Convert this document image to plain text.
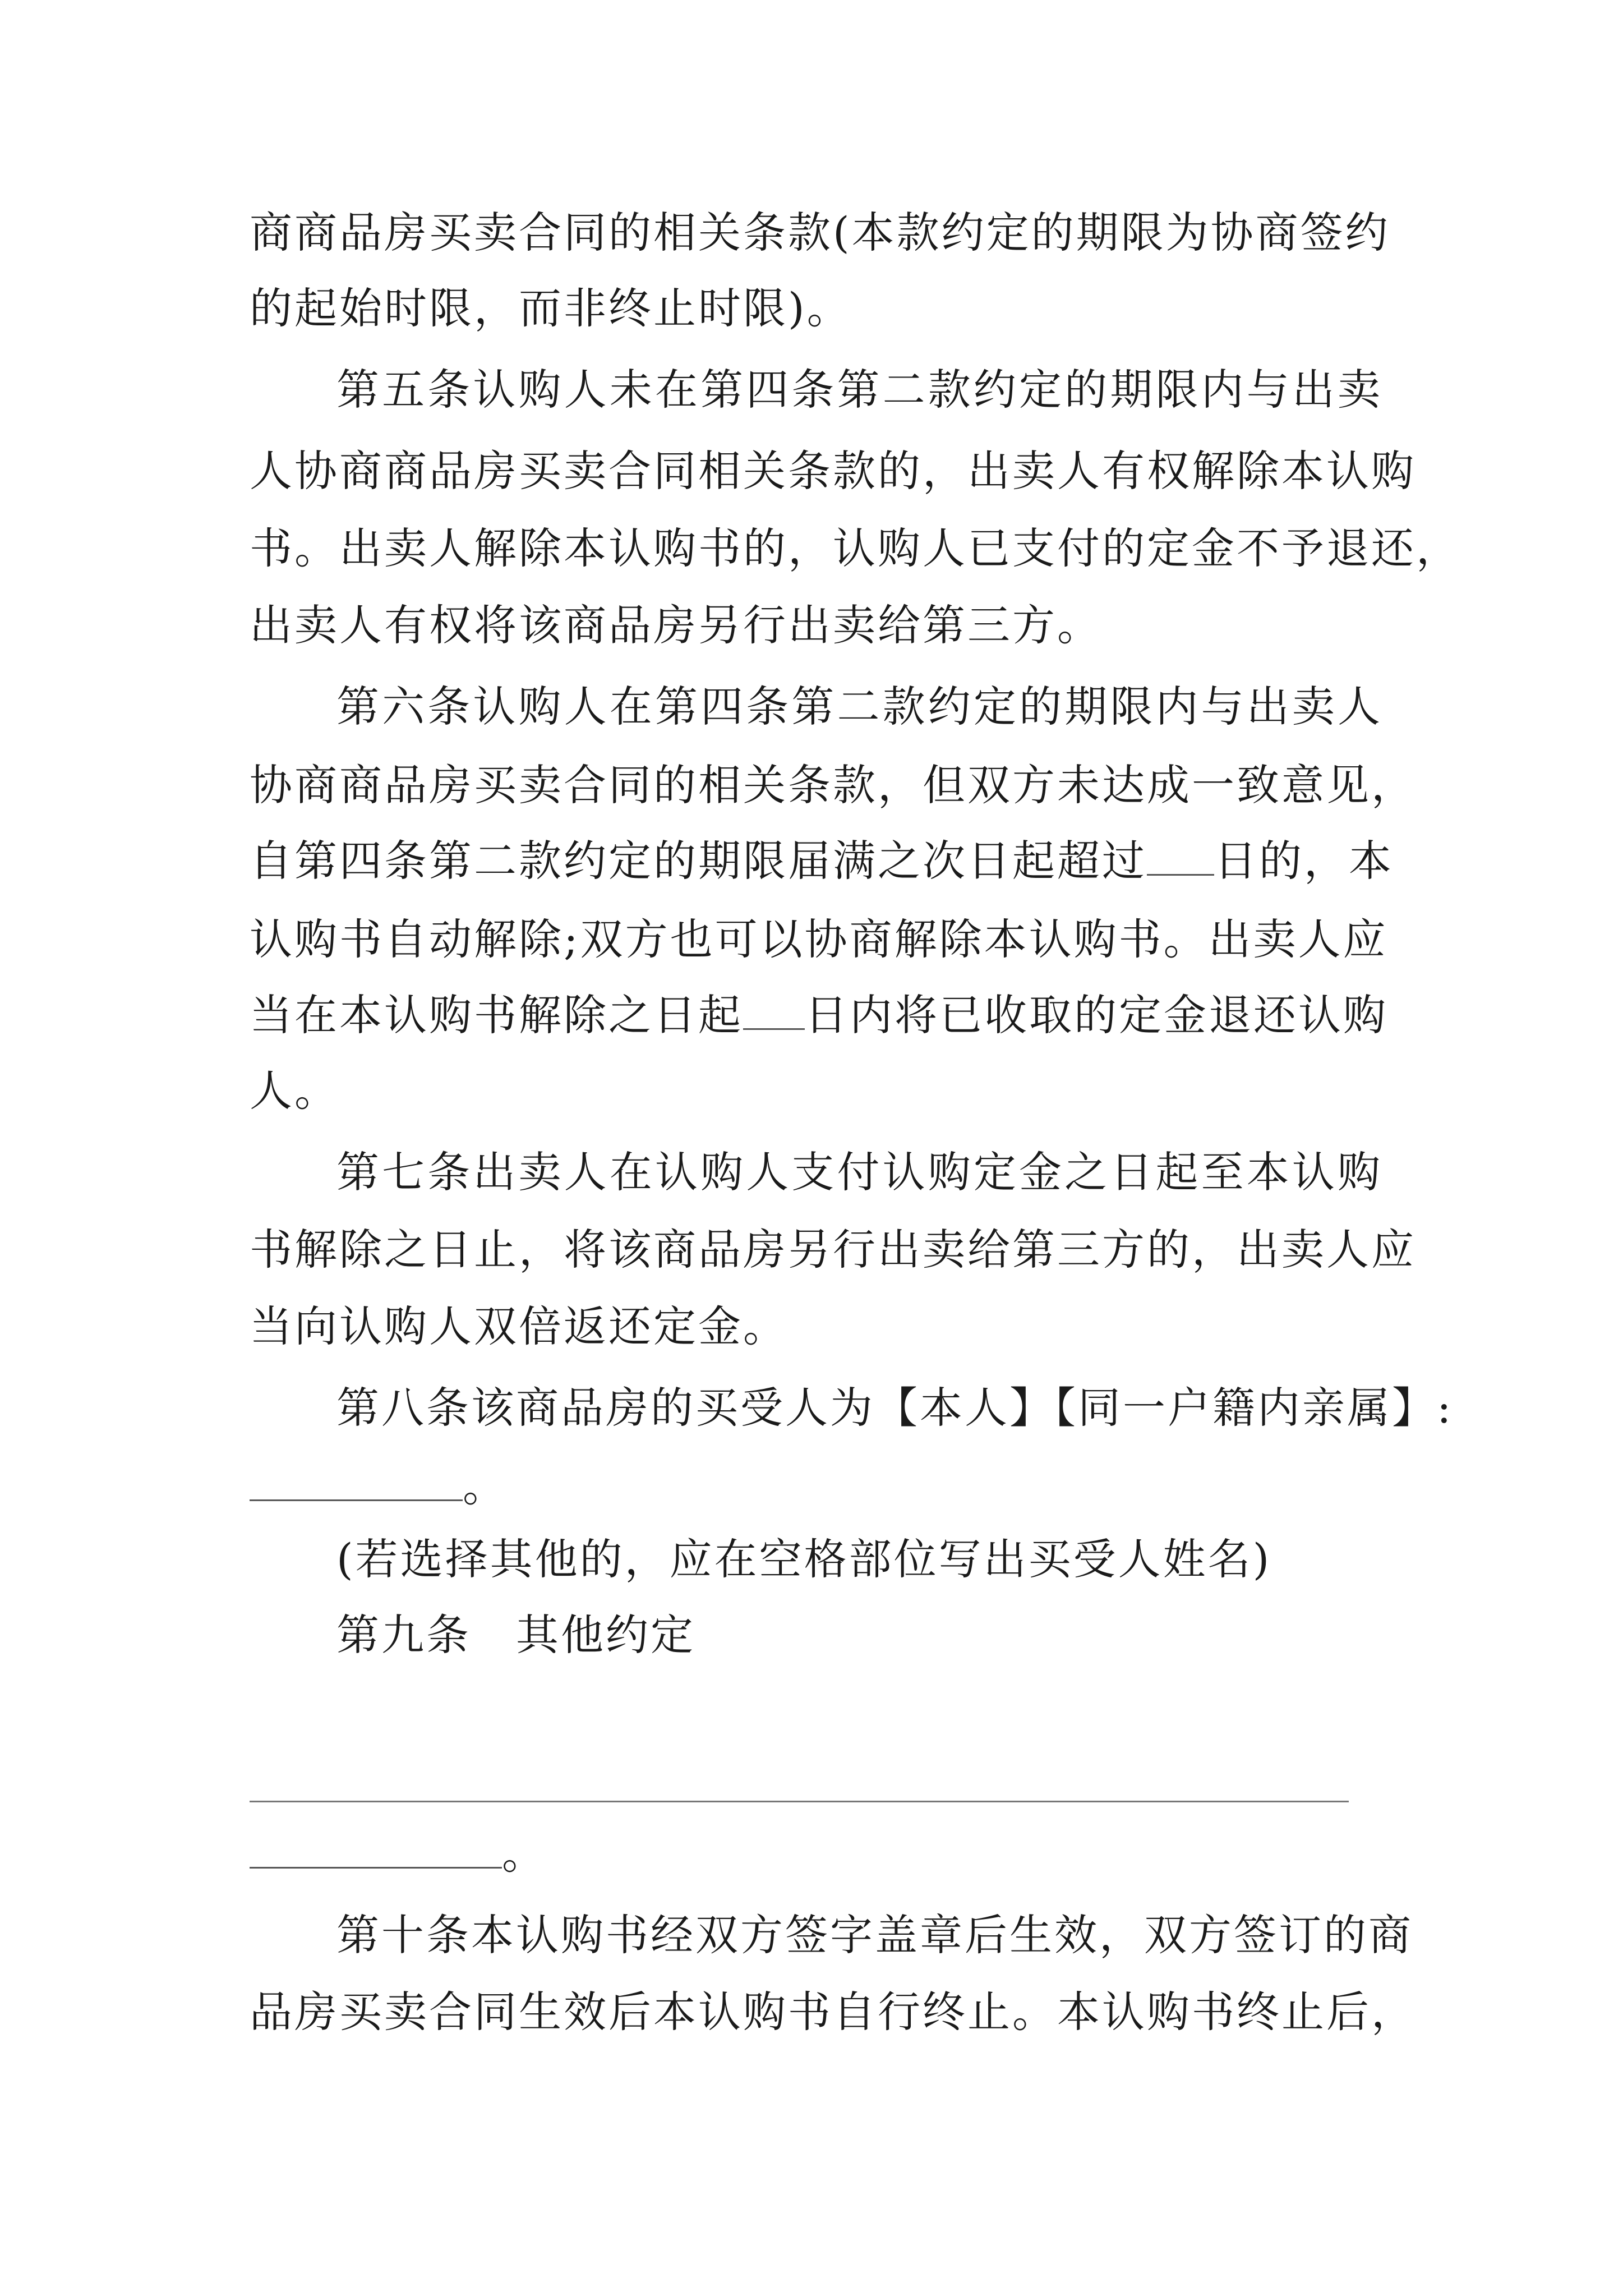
商商品房买卖合同的相关条款(本款约定的期限为协商签约
的起始时限，而非终止时限)。
第五条认购人未在第四条第二款约定的期限内与出卖
人协商商品房买卖合同相关条款的，出卖人有权解除本认购
书。出卖人解除本认购书的，认购人已支付的定金不予退还，
出卖人有权将该商品房另行出卖给第三方。
第六条认购人在第四条第二款约定的期限内与出卖人
协商商品房买卖合同的相关条款，但双方未达成一致意见，
自第四条第二款约定的期限届满之次日起超过 日的，本
认购书自动解除;双方也可以协商解除本认购书。出卖人应
当在本认购书解除之日起 日内将已收取的定金退还认购
人。
第七条出卖人在认购人支付认购定金之日起至本认购
书解除之日止，将该商品房另行出卖给第三方的，出卖人应
当向认购人双倍返还定金。
第八条该商品房的买受人为【本人】【同一户籍内亲属】:
。
(若选择其他的，应在空格部位写出买受人姓名)
第九条　其他约定
。
第十条本认购书经双方签字盖章后生效，双方签订的商
品房买卖合同生效后本认购书自行终止。本认购书终止后，
